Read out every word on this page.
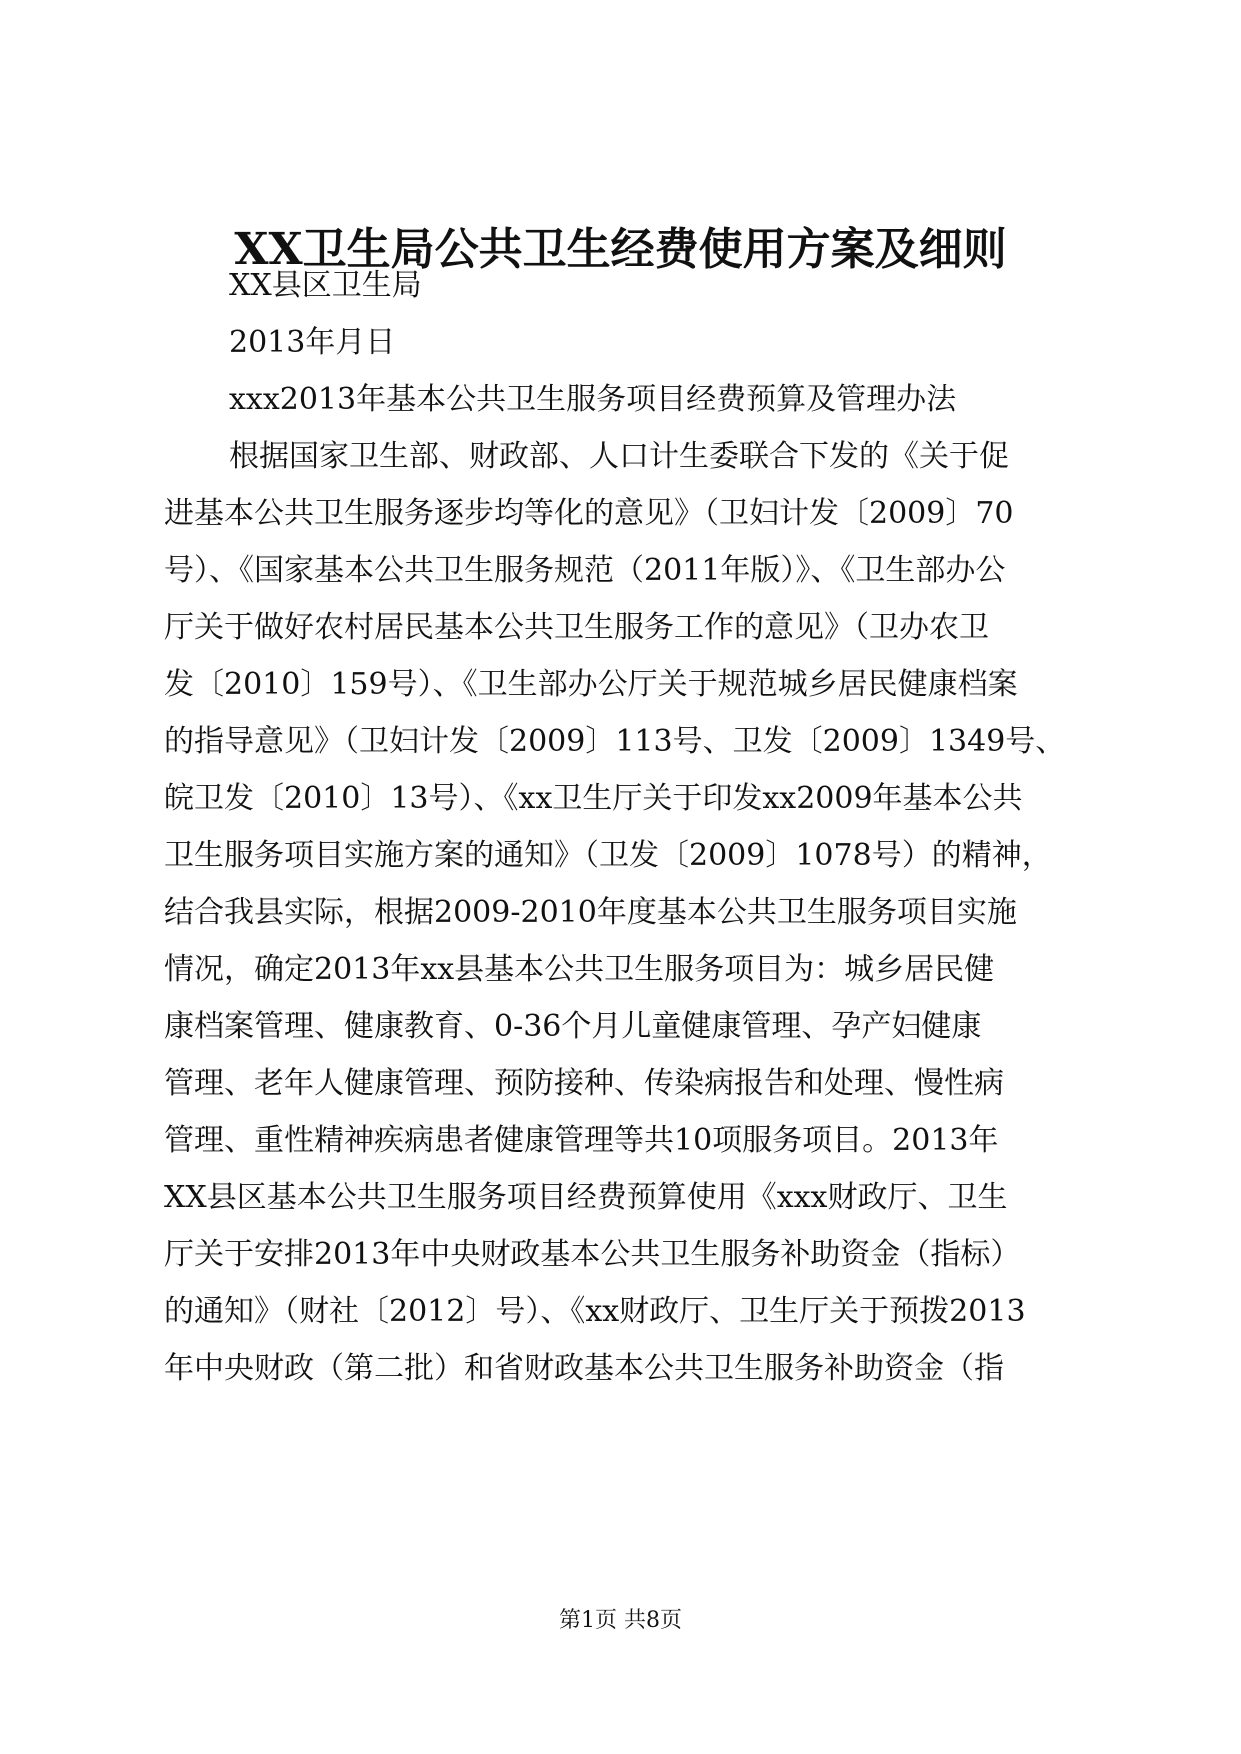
XX卫生局公共卫生经费使用方案及细则
XX县区卫生局
2013年月日
xxx2013年基本公共卫生服务项目经费预算及管理办法
根据国家卫生部、财政部、人口计生委联合下发的《关于促
进基本公共卫生服务逐步均等化的意见》（卫妇计发〔2009〕70
号）、《国家基本公共卫生服务规范（2011年版）》、《卫生部办公
厅关于做好农村居民基本公共卫生服务工作的意见》（卫办农卫
发〔2010〕159号）、《卫生部办公厅关于规范城乡居民健康档案
的指导意见》（卫妇计发〔2009〕113号、卫发〔2009〕1349号、
皖卫发〔2010〕13号）、《xx卫生厅关于印发xx2009年基本公共
卫生服务项目实施方案的通知》（卫发〔2009〕1078号）的精神，
结合我县实际，根据2009-2010年度基本公共卫生服务项目实施
情况，确定2013年xx县基本公共卫生服务项目为：城乡居民健
康档案管理、健康教育、0-36个月儿童健康管理、孕产妇健康
管理、老年人健康管理、预防接种、传染病报告和处理、慢性病
管理、重性精神疾病患者健康管理等共10项服务项目。2013年
XX县区基本公共卫生服务项目经费预算使用《xxx财政厅、卫生
厅关于安排2013年中央财政基本公共卫生服务补助资金（指标）
的通知》（财社〔2012〕号）、《xx财政厅、卫生厅关于预拨2013
年中央财政（第二批）和省财政基本公共卫生服务补助资金（指
第1页 共8页
